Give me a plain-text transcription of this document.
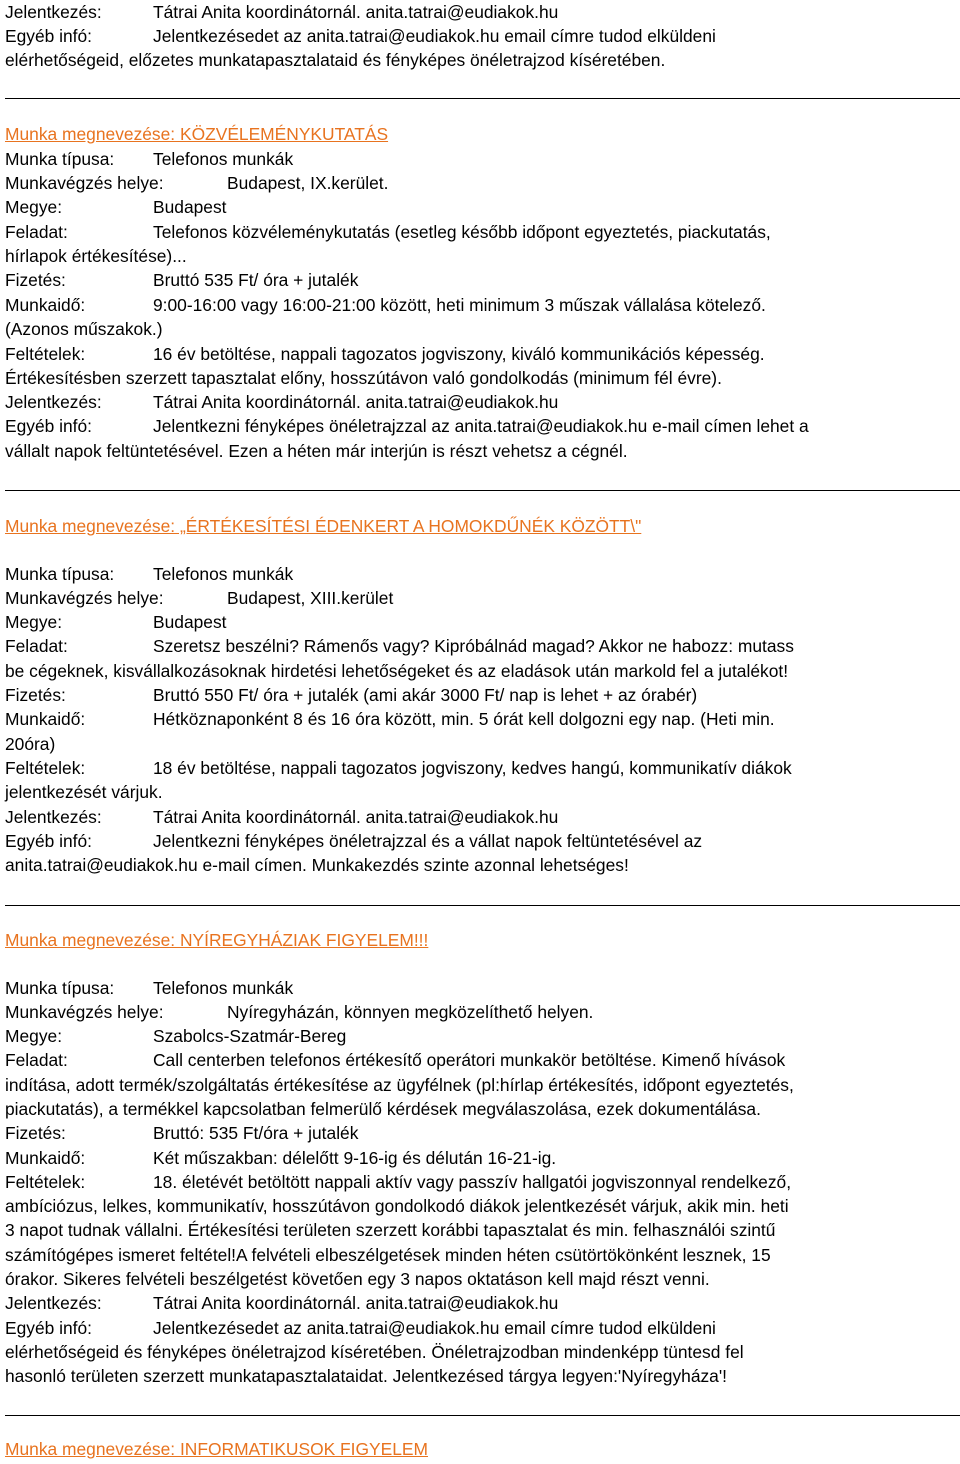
Jelentkezés:	Tátrai Anita koordinátornál. anita.tatrai@eudiakok.hu
Egyéb infó:	Jelentkezésedet az anita.tatrai@eudiakok.hu email címre tudod elküldeni
elérhetőségeid, előzetes munkatapasztalataid és fényképes önéletrajzod kíséretében.
Munka megnevezése: KÖZVÉLEMÉNYKUTATÁS
Munka típusa: Telefonos munkák
Munkavégzés helye:	Budapest, IX.kerület.
Megye:	Budapest
Feladat:	Telefonos közvéleménykutatás (esetleg később időpont egyeztetés, piackutatás,
hírlapok értékesítése)...
Fizetés:	Bruttó 535 Ft/ óra + jutalék
Munkaidő:	9:00-16:00 vagy 16:00-21:00 között, heti minimum 3 műszak vállalása kötelező.
(Azonos műszakok.)
Feltételek:	16 év betöltése, nappali tagozatos jogviszony, kiváló kommunikációs képesség.
Értékesítésben szerzett tapasztalat előny, hosszútávon való gondolkodás (minimum fél évre).
Jelentkezés:	Tátrai Anita koordinátornál. anita.tatrai@eudiakok.hu
Egyéb infó:	Jelentkezni fényképes önéletrajzzal az anita.tatrai@eudiakok.hu e-mail címen lehet a
vállalt napok feltüntetésével. Ezen a héten már interjún is részt vehetsz a cégnél.
Munka megnevezése: „ÉRTÉKESÍTÉSI ÉDENKERT A HOMOKDŰNÉK KÖZÖTT\"
Munka típusa: Telefonos munkák
Munkavégzés helye:	Budapest, XIII.kerület
Megye:	Budapest
Feladat:	Szeretsz beszélni? Rámenős vagy? Kipróbálnád magad? Akkor ne habozz: mutass
be cégeknek, kisvállalkozásoknak hirdetési lehetőségeket és az eladások után markold fel a jutalékot!
Fizetés:	Bruttó 550 Ft/ óra + jutalék (ami akár 3000 Ft/ nap is lehet + az órabér)
Munkaidő:	Hétköznaponként 8 és 16 óra között, min. 5 órát kell dolgozni egy nap. (Heti min.
20óra)
Feltételek:	18 év betöltése, nappali tagozatos jogviszony, kedves hangú, kommunikatív diákok
jelentkezését várjuk.
Jelentkezés:	Tátrai Anita koordinátornál. anita.tatrai@eudiakok.hu
Egyéb infó:	Jelentkezni fényképes önéletrajzzal és a vállat napok feltüntetésével az
anita.tatrai@eudiakok.hu e-mail címen. Munkakezdés szinte azonnal lehetséges!
Munka megnevezése: NYÍREGYHÁZIAK FIGYELEM!!!
Munka típusa: Telefonos munkák
Munkavégzés helye:	Nyíregyházán, könnyen megközelíthető helyen.
Megye:	Szabolcs-Szatmár-Bereg
Feladat:	Call centerben telefonos értékesítő operátori munkakör betöltése. Kimenő hívások
indítása, adott termék/szolgáltatás értékesítése az ügyfélnek (pl:hírlap értékesítés, időpont egyeztetés,
piackutatás), a termékkel kapcsolatban felmerülő kérdések megválaszolása, ezek dokumentálása.
Fizetés:	Bruttó: 535 Ft/óra + jutalék
Munkaidő:	Két műszakban: délelőtt 9-16-ig és délután 16-21-ig.
Feltételek:	18. életévét betöltött nappali aktív vagy passzív hallgatói jogviszonnyal rendelkező,
ambíciózus, lelkes, kommunikatív, hosszútávon gondolkodó diákok jelentkezését várjuk, akik min. heti
3 napot tudnak vállalni. Értékesítési területen szerzett korábbi tapasztalat és min. felhasználói szintű
számítógépes ismeret feltétel!A felvételi elbeszélgetések minden héten csütörtökönként lesznek, 15
órakor. Sikeres felvételi beszélgetést követően egy 3 napos oktatáson kell majd részt venni.
Jelentkezés:	Tátrai Anita koordinátornál. anita.tatrai@eudiakok.hu
Egyéb infó:	Jelentkezésedet az anita.tatrai@eudiakok.hu email címre tudod elküldeni
elérhetőségeid és fényképes önéletrajzod kíséretében. Önéletrajzodban mindenképp tüntesd fel
hasonló területen szerzett munkatapasztalataidat. Jelentkezésed tárgya legyen:'Nyíregyháza'!
Munka megnevezése: INFORMATIKUSOK FIGYELEM
